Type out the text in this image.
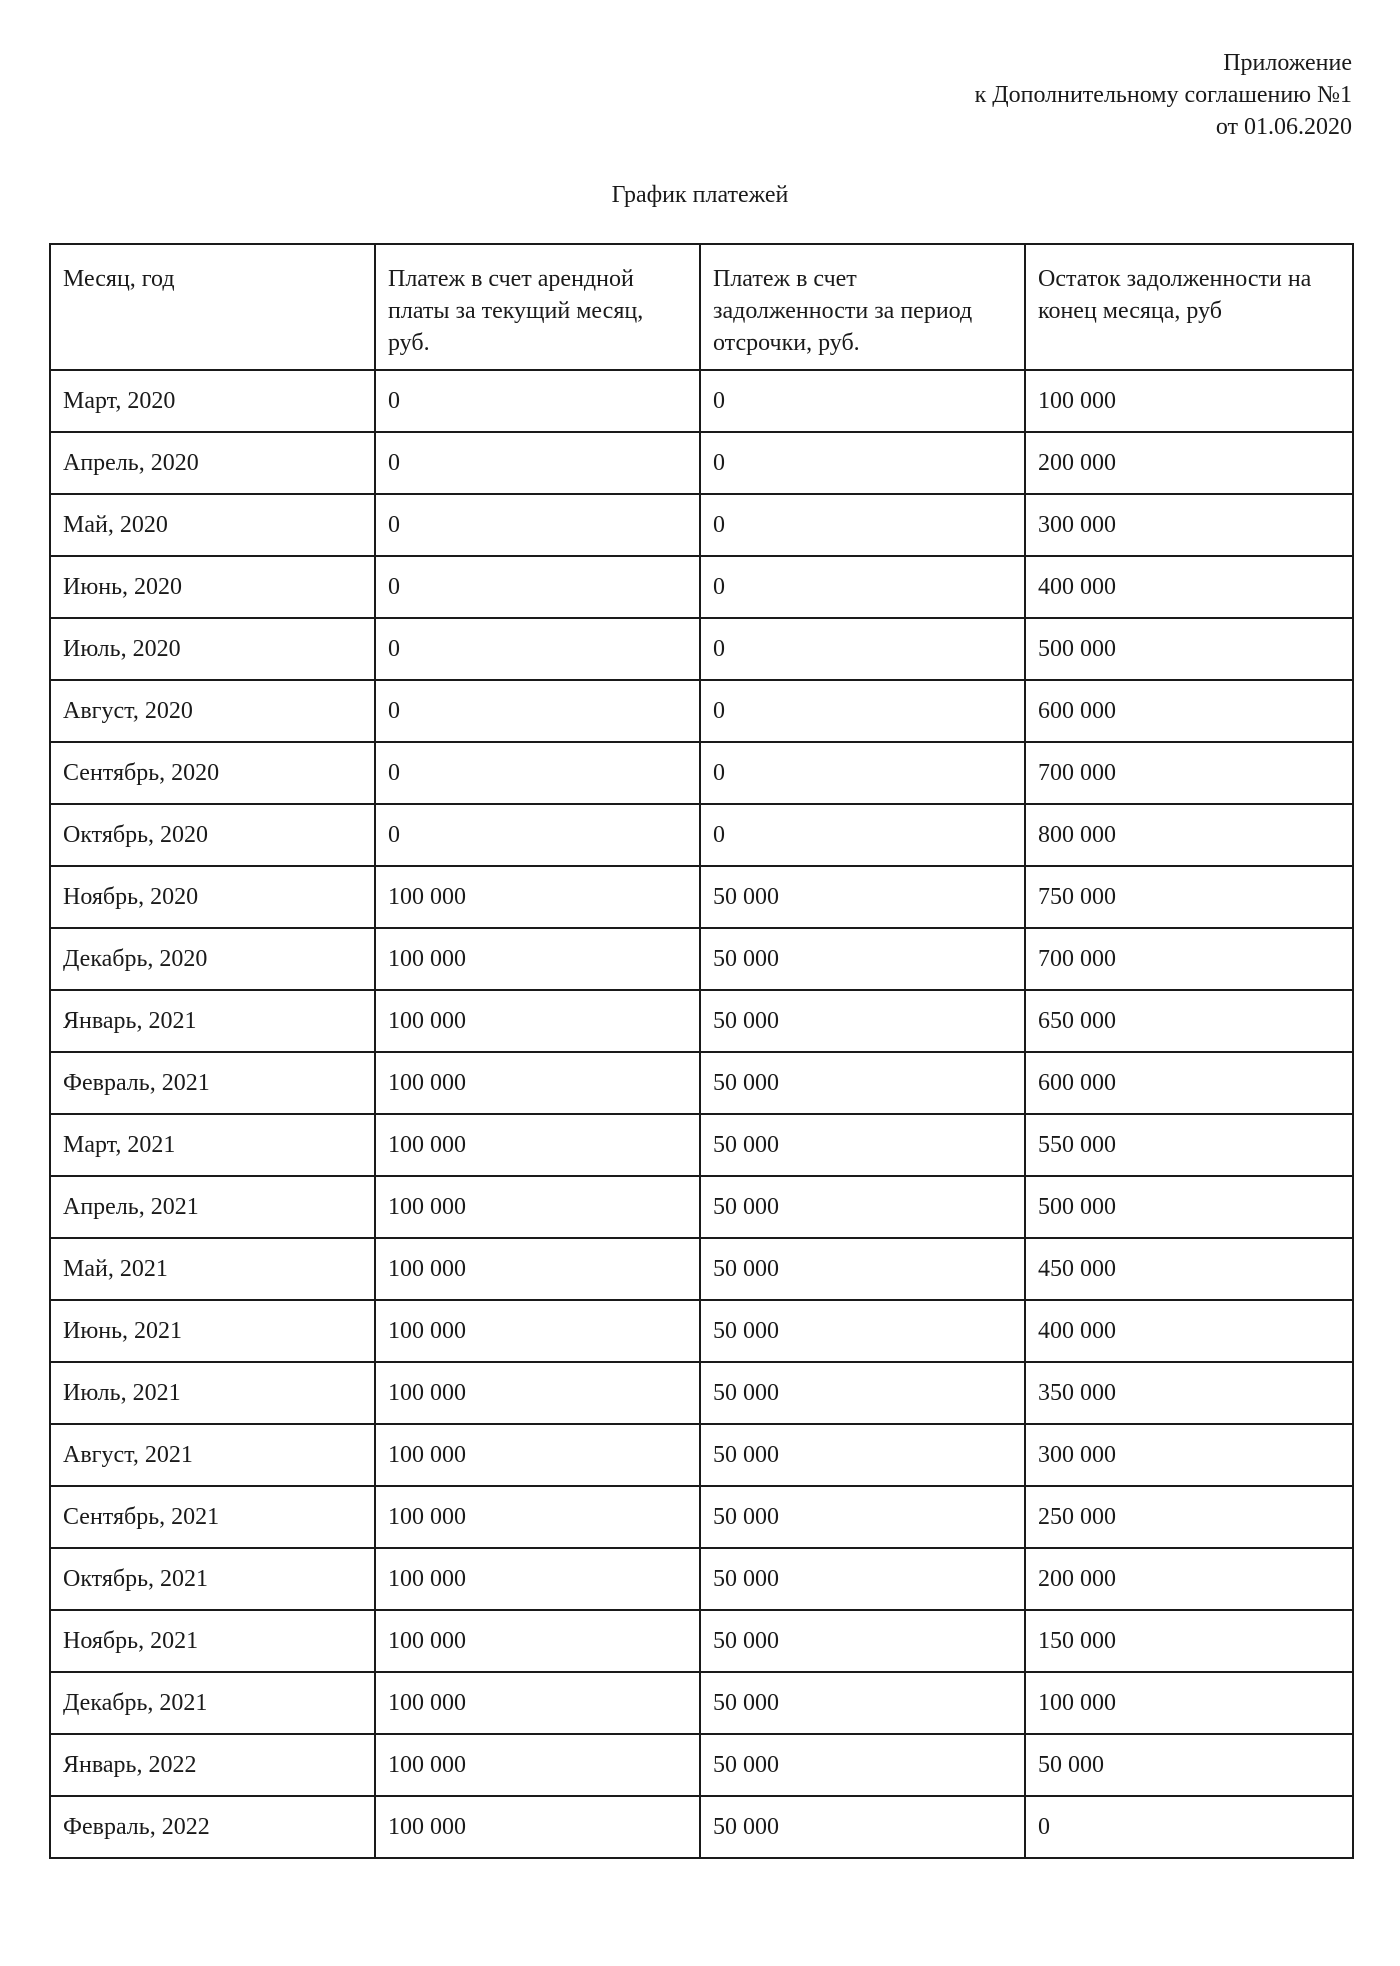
Приложение
к Дополнительному соглашению №1
от 01.06.2020
График платежей
Месяц, год	Платеж в счет арендной платы за текущий месяц, руб.	Платеж в счет задолженности за период отсрочки, руб.	Остаток задолженности на конец месяца, руб
Март, 2020	0	0	100 000
Апрель, 2020	0	0	200 000
Май, 2020	0	0	300 000
Июнь, 2020	0	0	400 000
Июль, 2020	0	0	500 000
Август, 2020	0	0	600 000
Сентябрь, 2020	0	0	700 000
Октябрь, 2020	0	0	800 000
Ноябрь, 2020	100 000	50 000	750 000
Декабрь, 2020	100 000	50 000	700 000
Январь, 2021	100 000	50 000	650 000
Февраль, 2021	100 000	50 000	600 000
Март, 2021	100 000	50 000	550 000
Апрель, 2021	100 000	50 000	500 000
Май, 2021	100 000	50 000	450 000
Июнь, 2021	100 000	50 000	400 000
Июль, 2021	100 000	50 000	350 000
Август, 2021	100 000	50 000	300 000
Сентябрь, 2021	100 000	50 000	250 000
Октябрь, 2021	100 000	50 000	200 000
Ноябрь, 2021	100 000	50 000	150 000
Декабрь, 2021	100 000	50 000	100 000
Январь, 2022	100 000	50 000	50 000
Февраль, 2022	100 000	50 000	0
